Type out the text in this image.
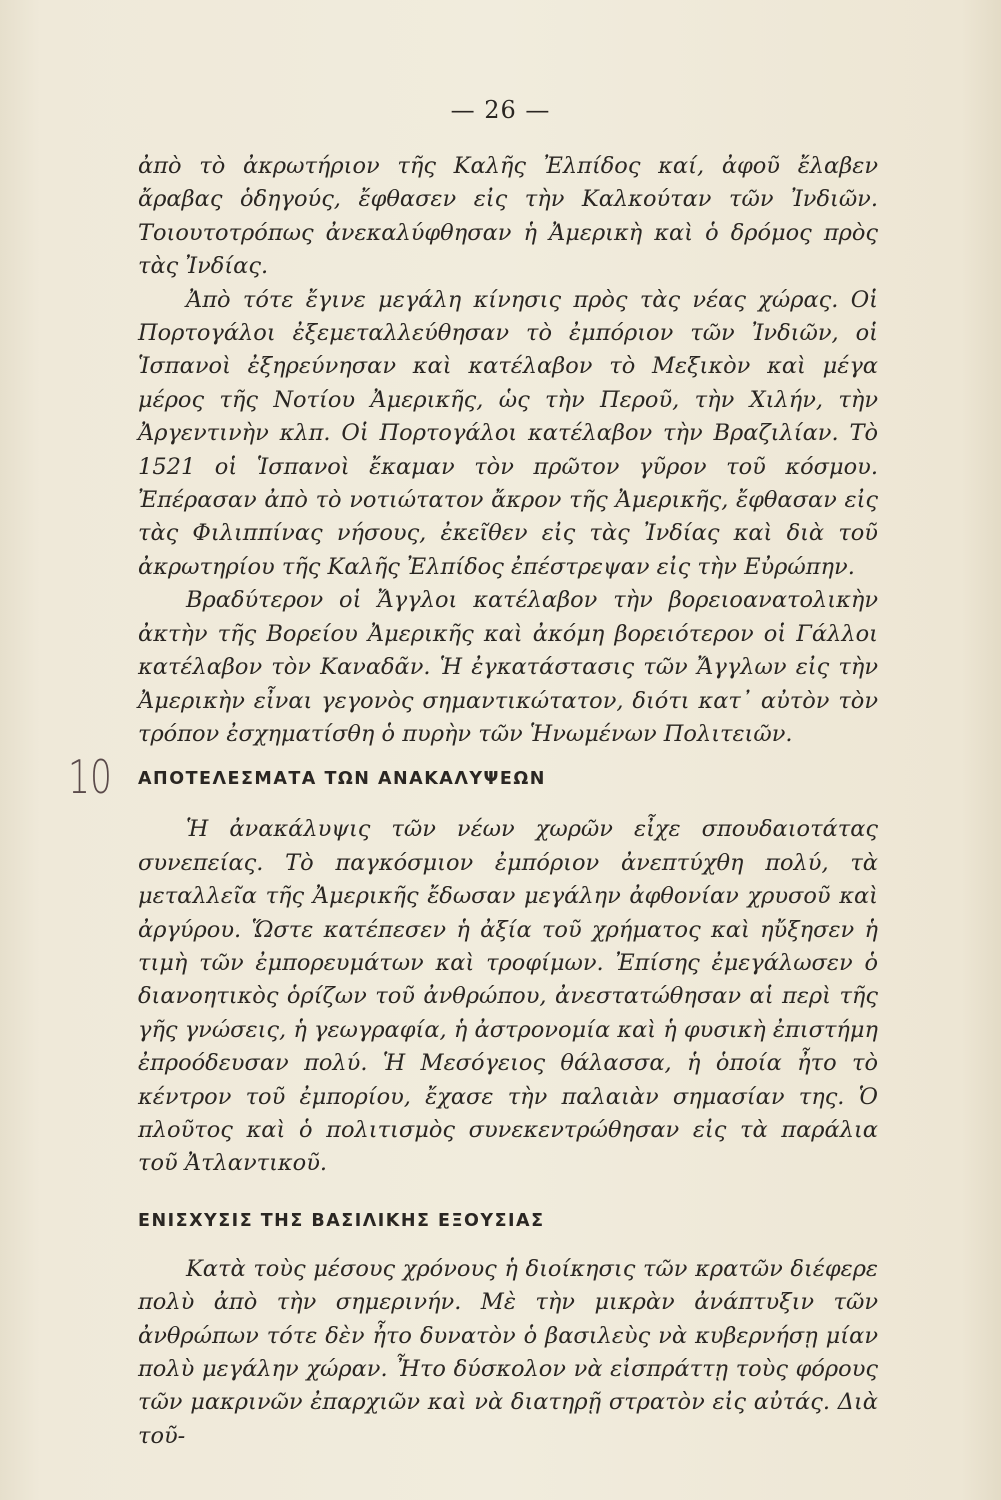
— 26 —
10

ἀπὸ τὸ ἀκρωτήριον τῆς Καλῆς Ἐλπίδος καί, ἀφοῦ ἔλαβεν ἄραβας ὁδηγούς, ἔφθασεν εἰς τὴν Καλκούταν τῶν Ἰνδιῶν. Τοιουτοτρόπως ἀνεκαλύφθησαν ἡ Ἀμερικὴ καὶ ὁ δρόμος πρὸς τὰς Ἰνδίας.

Ἀπὸ τότε ἔγινε μεγάλη κίνησις πρὸς τὰς νέας χώρας. Οἱ Πορτογάλοι ἐξεμεταλλεύθησαν τὸ ἐμπόριον τῶν Ἰνδιῶν, οἱ Ἱσπανοὶ ἐξηρεύνησαν καὶ κατέλαβον τὸ Μεξικὸν καὶ μέγα μέρος τῆς Νοτίου Ἀμερικῆς, ὡς τὴν Περοῦ, τὴν Χιλήν, τὴν Ἀργεντινὴν κλπ. Οἱ Πορτογάλοι κατέλαβον τὴν Βραζιλίαν. Τὸ 1521 οἱ Ἱσπανοὶ ἔκαμαν τὸν πρῶτον γῦρον τοῦ κόσμου. Ἐπέρασαν ἀπὸ τὸ νοτιώτατον ἄκρον τῆς Ἀμερικῆς, ἔφθασαν εἰς τὰς Φιλιππίνας νήσους, ἐκεῖθεν εἰς τὰς Ἰνδίας καὶ διὰ τοῦ ἀκρωτηρίου τῆς Καλῆς Ἐλπίδος ἐπέστρεψαν εἰς τὴν Εὐρώπην.

Βραδύτερον οἱ Ἄγγλοι κατέλαβον τὴν βορειοανατολικὴν ἀκτὴν τῆς Βορείου Ἀμερικῆς καὶ ἀκόμη βορειότερον οἱ Γάλλοι κατέλαβον τὸν Καναδᾶν. Ἡ ἐγκατάστασις τῶν Ἄγγλων εἰς τὴν Ἀμερικὴν εἶναι γεγονὸς σημαντικώτατον, διότι κατ᾽ αὐτὸν τὸν τρόπον ἐσχηματίσθη ὁ πυρὴν τῶν Ἡνωμένων Πολιτειῶν.

ΑΠΟΤΕΛΕΣΜΑΤΑ ΤΩΝ ΑΝΑΚΑΛΥΨΕΩΝ

Ἡ ἀνακάλυψις τῶν νέων χωρῶν εἶχε σπουδαιοτάτας συνεπείας. Τὸ παγκόσμιον ἐμπόριον ἀνεπτύχθη πολύ, τὰ μεταλλεῖα τῆς Ἀμερικῆς ἔδωσαν μεγάλην ἀφθονίαν χρυσοῦ καὶ ἀργύρου. Ὥστε κατέπεσεν ἡ ἀξία τοῦ χρήματος καὶ ηὔξησεν ἡ τιμὴ τῶν ἐμπορευμάτων καὶ τροφίμων. Ἐπίσης ἐμεγάλωσεν ὁ διανοητικὸς ὁρίζων τοῦ ἀνθρώπου, ἀνεστατώθησαν αἱ περὶ τῆς γῆς γνώσεις, ἡ γεωγραφία, ἡ ἀστρονομία καὶ ἡ φυσικὴ ἐπιστήμη ἐπροόδευσαν πολύ. Ἡ Μεσόγειος θάλασσα, ἡ ὁποία ἦτο τὸ κέντρον τοῦ ἐμπορίου, ἔχασε τὴν παλαιὰν σημασίαν της. Ὁ πλοῦτος καὶ ὁ πολιτισμὸς συνεκεντρώθησαν εἰς τὰ παράλια τοῦ Ἀτλαντικοῦ.

ΕΝΙΣΧΥΣΙΣ ΤΗΣ ΒΑΣΙΛΙΚΗΣ ΕΞΟΥΣΙΑΣ

Κατὰ τοὺς μέσους χρόνους ἡ διοίκησις τῶν κρατῶν διέφερε πολὺ ἀπὸ τὴν σημερινήν. Μὲ τὴν μικρὰν ἀνάπτυξιν τῶν ἀνθρώπων τότε δὲν ἦτο δυνατὸν ὁ βασιλεὺς νὰ κυβερνήσῃ μίαν πολὺ μεγάλην χώραν. Ἦτο δύσκολον νὰ εἰσπράττῃ τοὺς φόρους τῶν μακρινῶν ἐπαρχιῶν καὶ νὰ διατηρῇ στρατὸν εἰς αὐτάς. Διὰ τοῦ-
